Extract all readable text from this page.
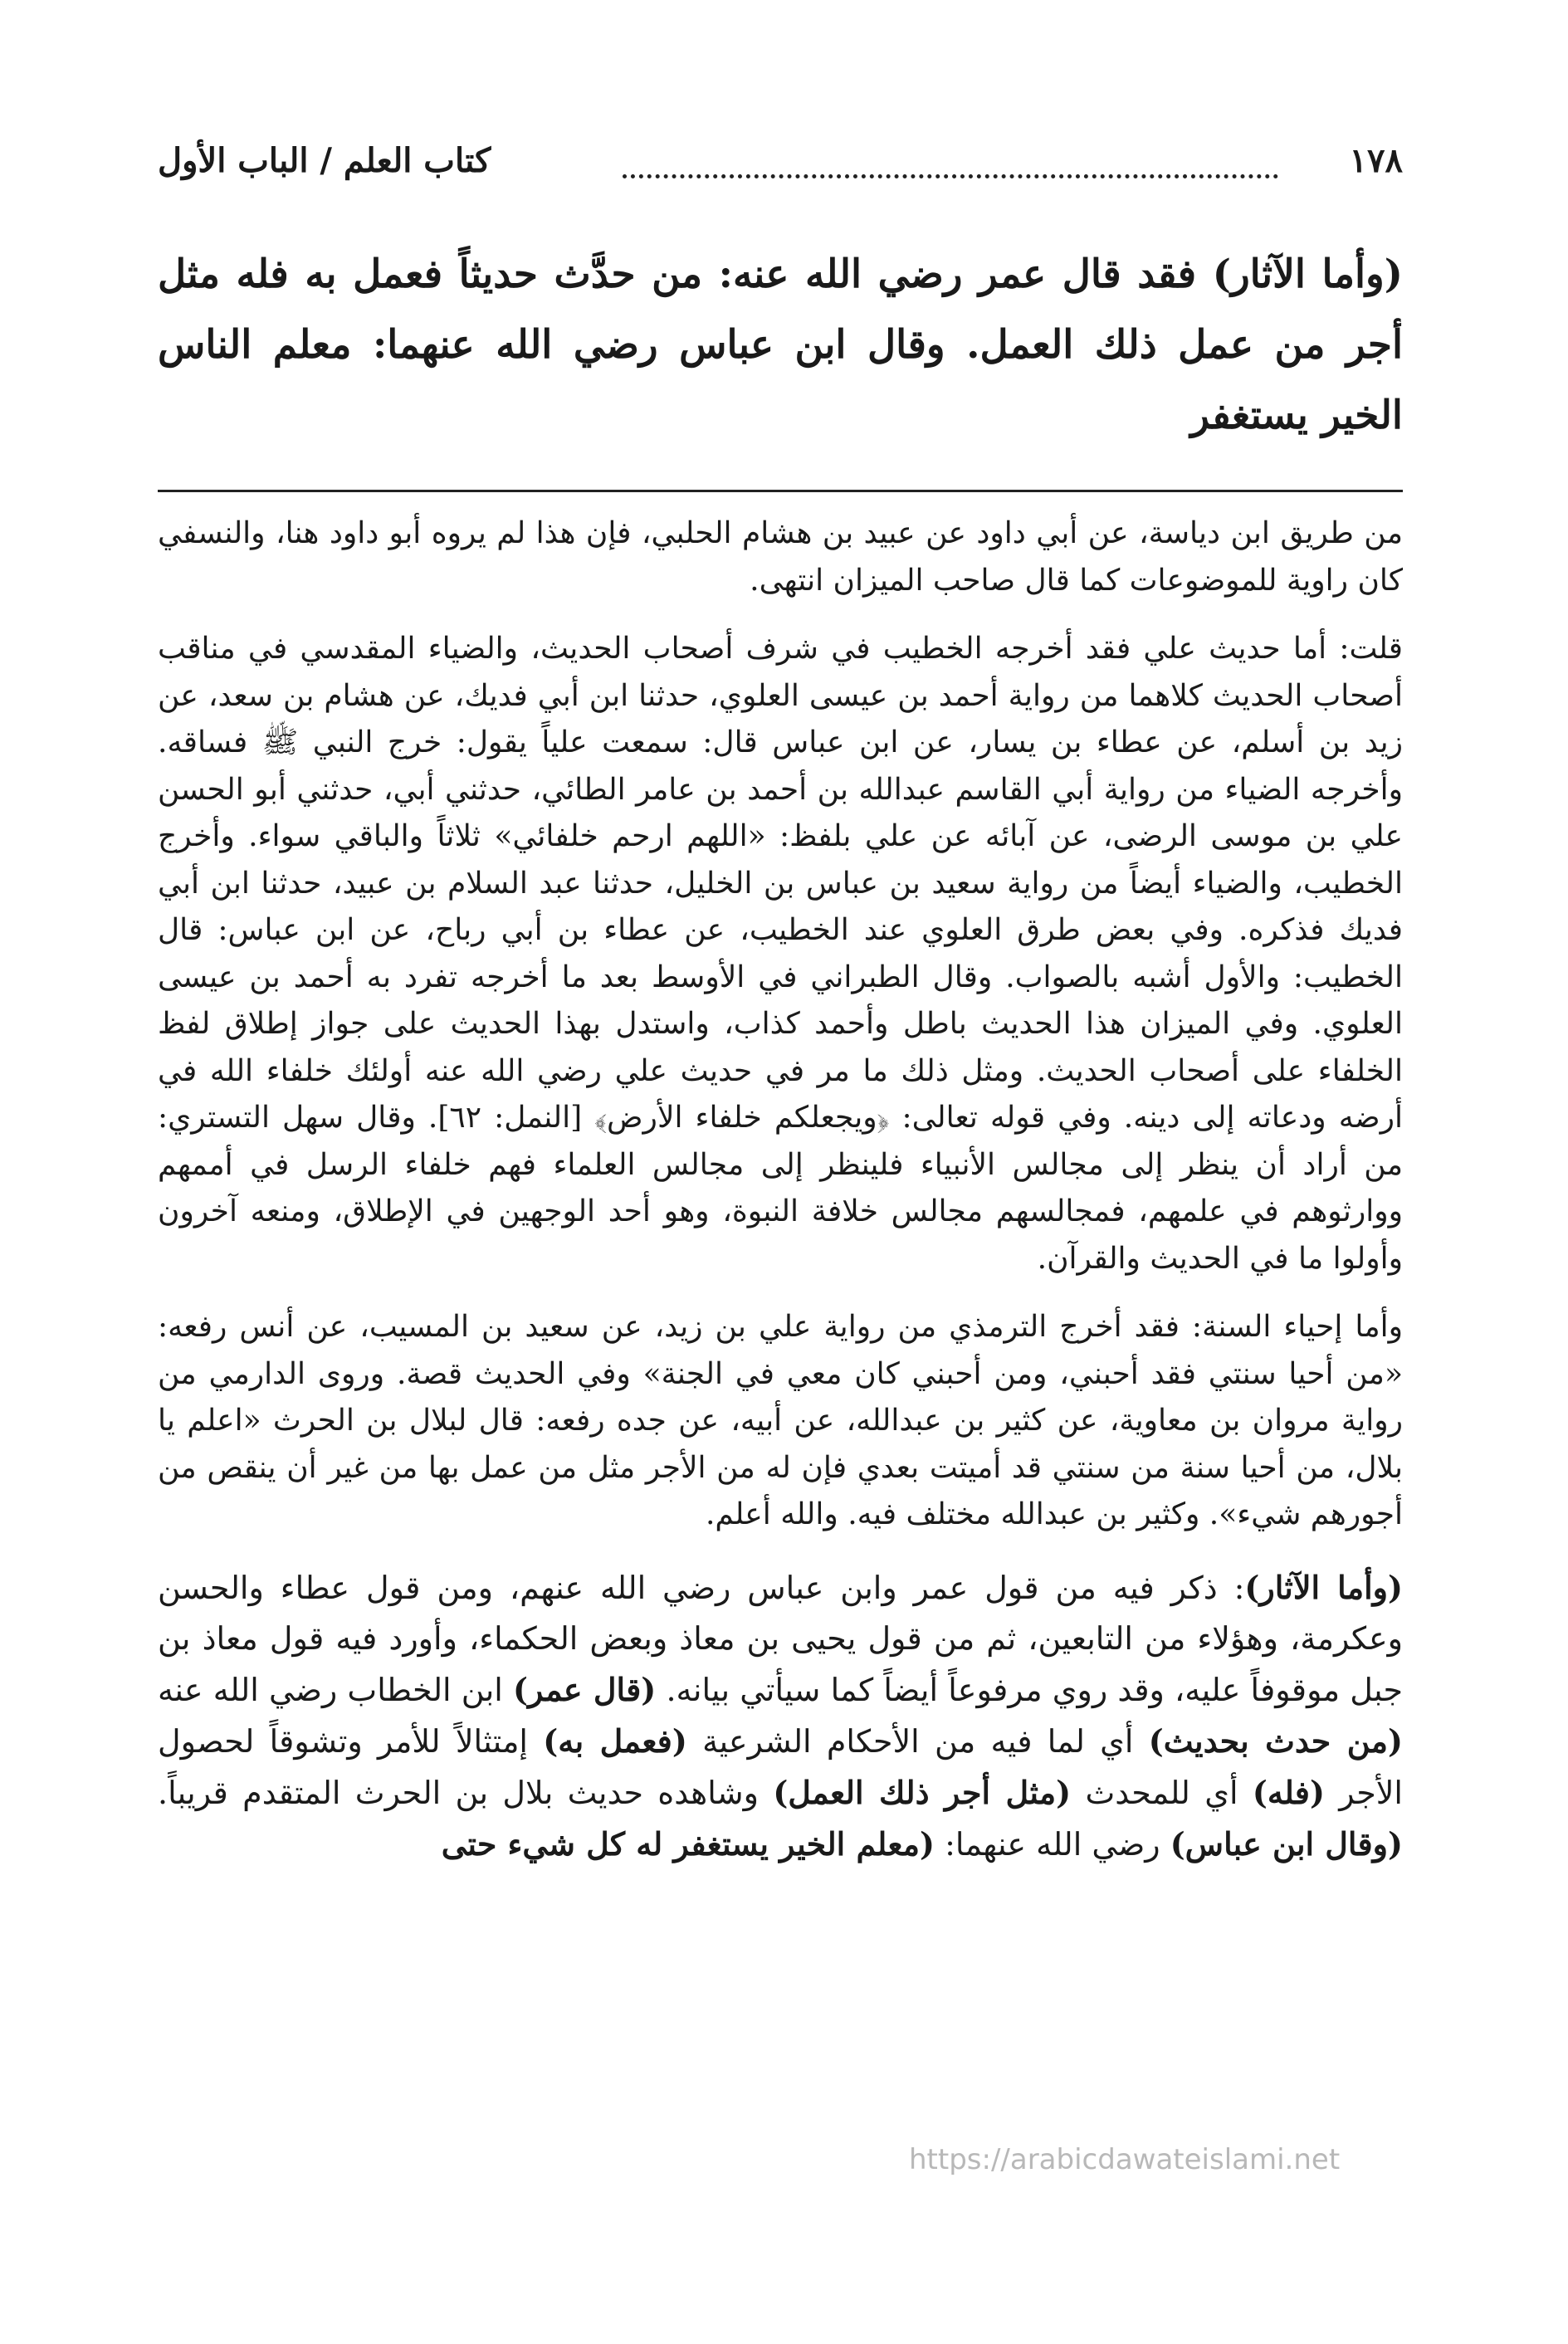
١٧٨
كتاب العلم / الباب الأول

(وأما الآثار) فقد قال عمر رضي الله عنه: من حدَّث حديثاً فعمل به فله مثل أجر من عمل ذلك العمل. وقال ابن عباس رضي الله عنهما: معلم الناس الخير يستغفر

من طريق ابن دياسة، عن أبي داود عن عبيد بن هشام الحلبي، فإن هذا لم يروه أبو داود هنا، والنسفي كان راوية للموضوعات كما قال صاحب الميزان انتهى.

قلت: أما حديث علي فقد أخرجه الخطيب في شرف أصحاب الحديث، والضياء المقدسي في مناقب أصحاب الحديث كلاهما من رواية أحمد بن عيسى العلوي، حدثنا ابن أبي فديك، عن هشام بن سعد، عن زيد بن أسلم، عن عطاء بن يسار، عن ابن عباس قال: سمعت علياً يقول: خرج النبي ﷺ فساقه. وأخرجه الضياء من رواية أبي القاسم عبدالله بن أحمد بن عامر الطائي، حدثني أبي، حدثني أبو الحسن علي بن موسى الرضى، عن آبائه عن علي بلفظ: «اللهم ارحم خلفائي» ثلاثاً والباقي سواء. وأخرج الخطيب، والضياء أيضاً من رواية سعيد بن عباس بن الخليل، حدثنا عبد السلام بن عبيد، حدثنا ابن أبي فديك فذكره. وفي بعض طرق العلوي عند الخطيب، عن عطاء بن أبي رباح، عن ابن عباس: قال الخطيب: والأول أشبه بالصواب. وقال الطبراني في الأوسط بعد ما أخرجه تفرد به أحمد بن عيسى العلوي. وفي الميزان هذا الحديث باطل وأحمد كذاب، واستدل بهذا الحديث على جواز إطلاق لفظ الخلفاء على أصحاب الحديث. ومثل ذلك ما مر في حديث علي رضي الله عنه أولئك خلفاء الله في أرضه ودعاته إلى دينه. وفي قوله تعالى: ﴿ويجعلكم خلفاء الأرض﴾ [النمل: ٦٢]. وقال سهل التستري: من أراد أن ينظر إلى مجالس الأنبياء فلينظر إلى مجالس العلماء فهم خلفاء الرسل في أممهم ووارثوهم في علمهم، فمجالسهم مجالس خلافة النبوة، وهو أحد الوجهين في الإطلاق، ومنعه آخرون وأولوا ما في الحديث والقرآن.

وأما إحياء السنة: فقد أخرج الترمذي من رواية علي بن زيد، عن سعيد بن المسيب، عن أنس رفعه: «من أحيا سنتي فقد أحبني، ومن أحبني كان معي في الجنة» وفي الحديث قصة. وروى الدارمي من رواية مروان بن معاوية، عن كثير بن عبدالله، عن أبيه، عن جده رفعه: قال لبلال بن الحرث «اعلم يا بلال، من أحيا سنة من سنتي قد أميتت بعدي فإن له من الأجر مثل من عمل بها من غير أن ينقص من أجورهم شيء». وكثير بن عبدالله مختلف فيه. والله أعلم.

(وأما الآثار): ذكر فيه من قول عمر وابن عباس رضي الله عنهم، ومن قول عطاء والحسن وعكرمة، وهؤلاء من التابعين، ثم من قول يحيى بن معاذ وبعض الحكماء، وأورد فيه قول معاذ بن جبل موقوفاً عليه، وقد روي مرفوعاً أيضاً كما سيأتي بيانه. (قال عمر) ابن الخطاب رضي الله عنه (من حدث بحديث) أي لما فيه من الأحكام الشرعية (فعمل به) إمتثالاً للأمر وتشوقاً لحصول الأجر (فله) أي للمحدث (مثل أجر ذلك العمل) وشاهده حديث بلال بن الحرث المتقدم قريباً. (وقال ابن عباس) رضي الله عنهما: (معلم الخير يستغفر له كل شيء حتى

https://arabicdawateislami.net
